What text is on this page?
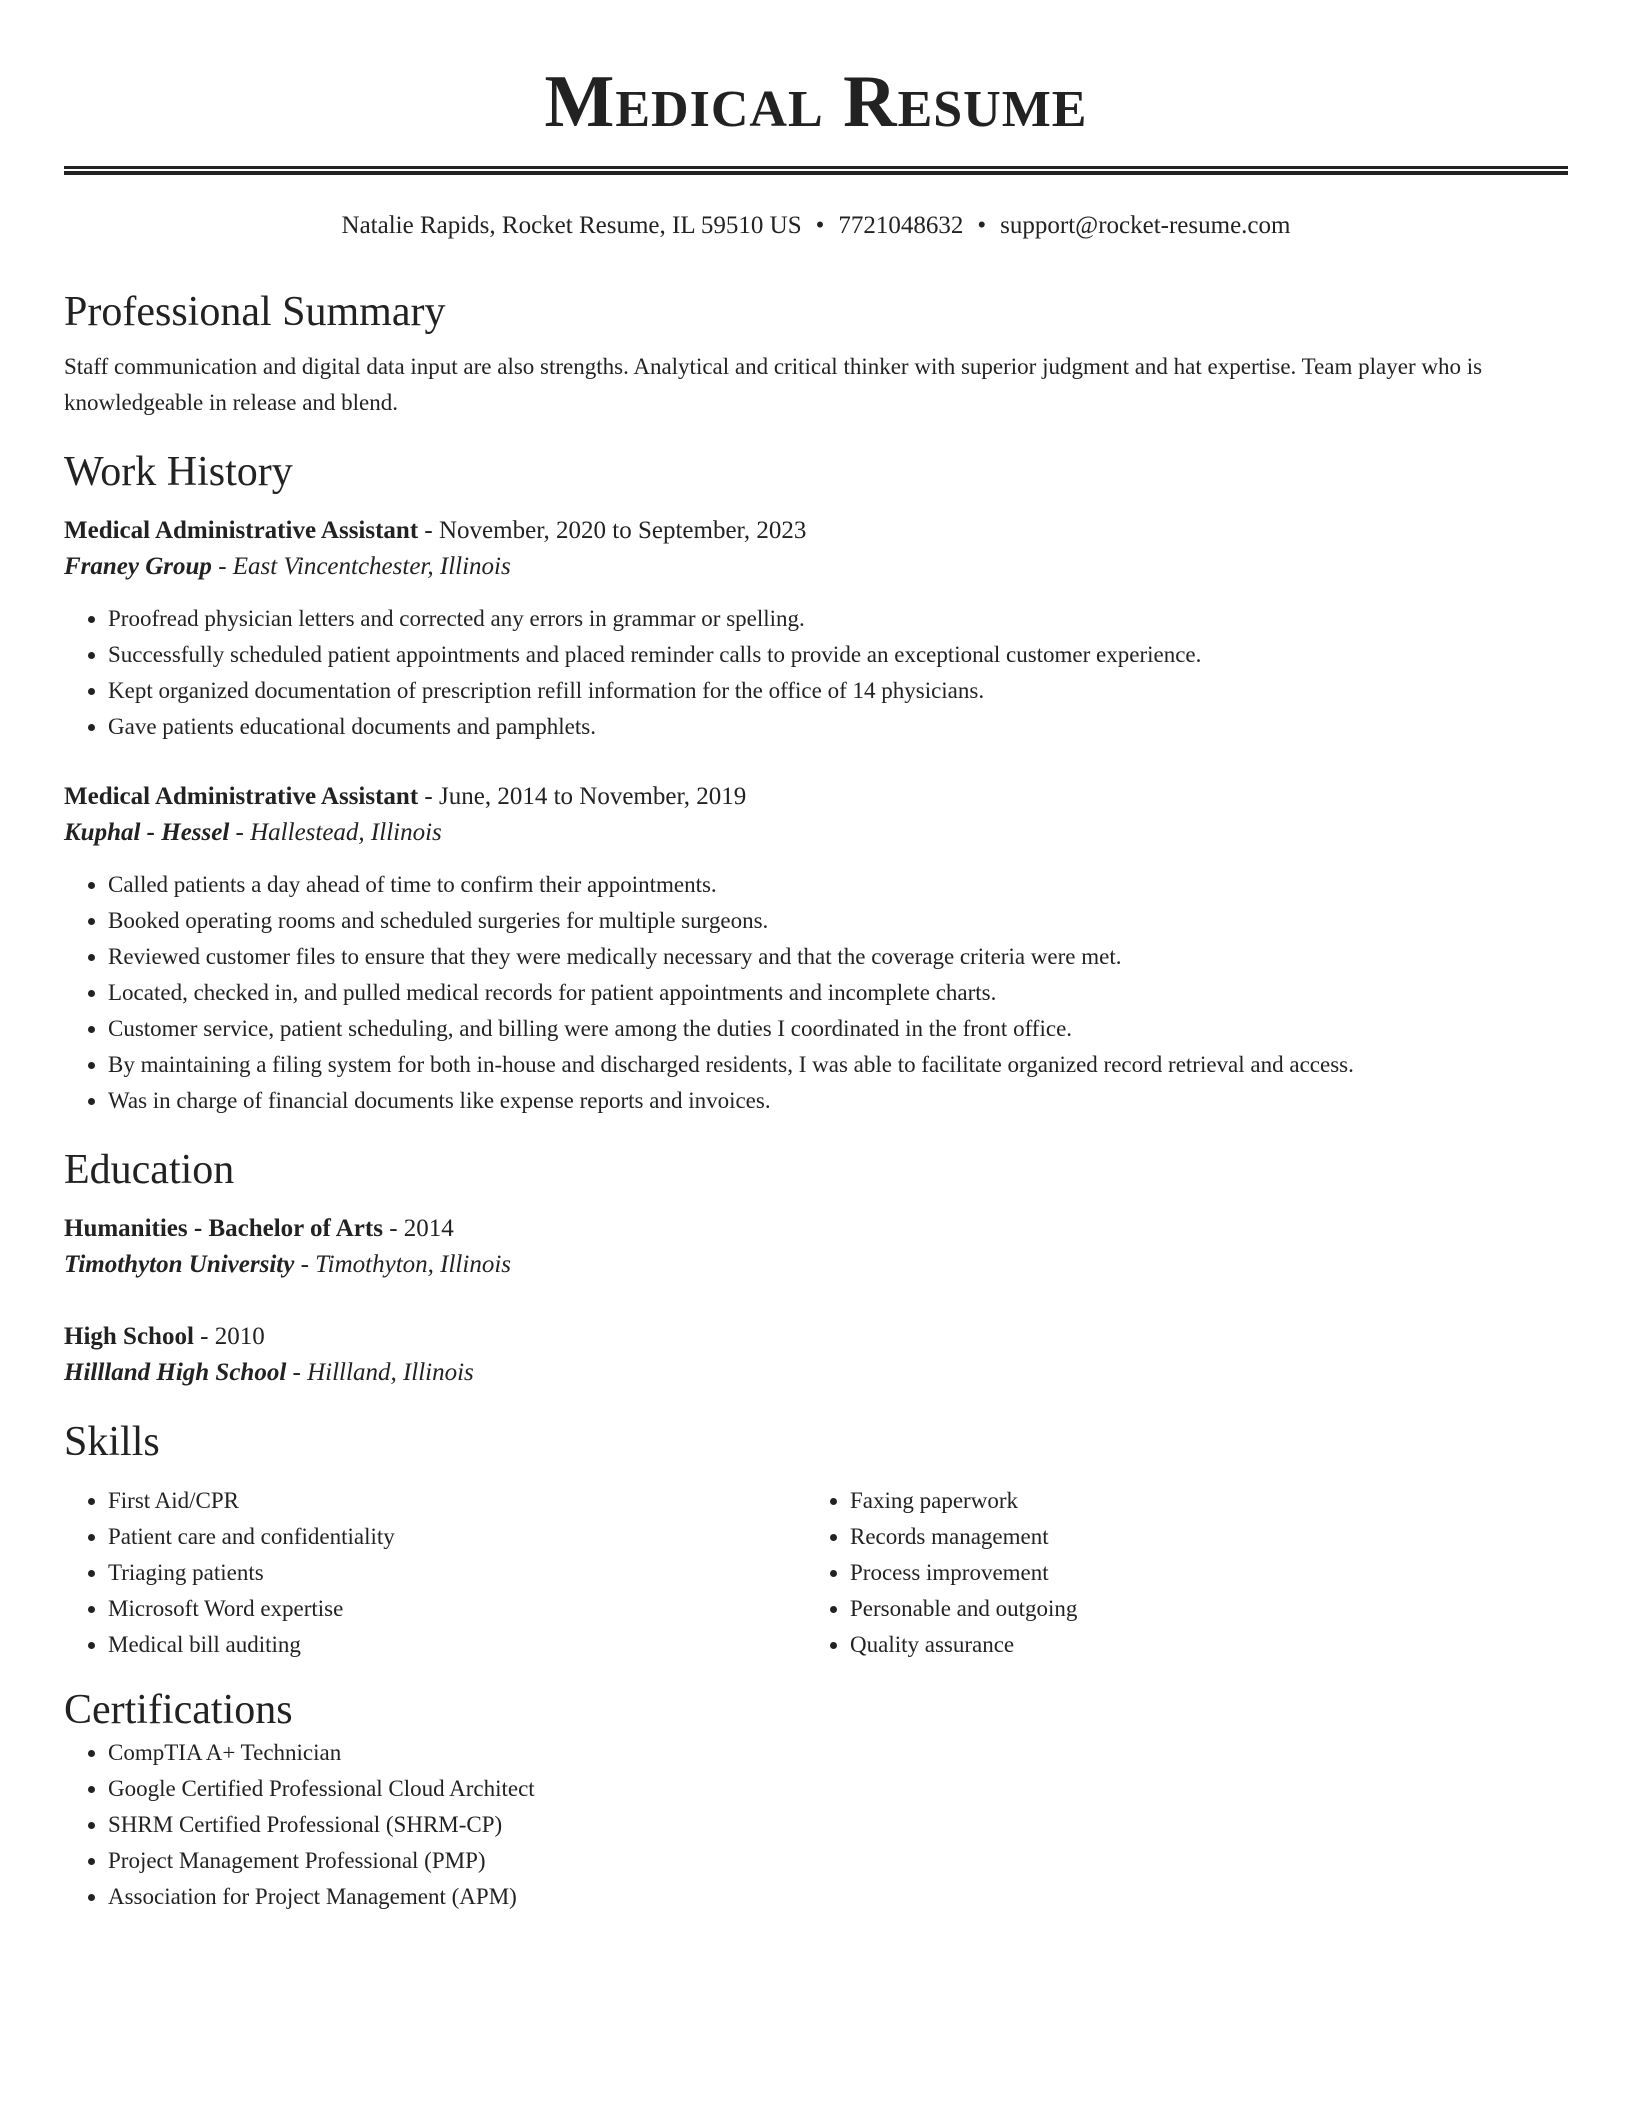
Medical Resume
Natalie Rapids, Rocket Resume, IL 59510 US • 7721048632 • support@rocket-resume.com
Professional Summary
Staff communication and digital data input are also strengths. Analytical and critical thinker with superior judgment and hat expertise. Team player who is knowledgeable in release and blend.
Work History
Medical Administrative Assistant - November, 2020 to September, 2023
Franey Group - East Vincentchester, Illinois
• Proofread physician letters and corrected any errors in grammar or spelling.
• Successfully scheduled patient appointments and placed reminder calls to provide an exceptional customer experience.
• Kept organized documentation of prescription refill information for the office of 14 physicians.
• Gave patients educational documents and pamphlets.
Medical Administrative Assistant - June, 2014 to November, 2019
Kuphal - Hessel - Hallestead, Illinois
• Called patients a day ahead of time to confirm their appointments.
• Booked operating rooms and scheduled surgeries for multiple surgeons.
• Reviewed customer files to ensure that they were medically necessary and that the coverage criteria were met.
• Located, checked in, and pulled medical records for patient appointments and incomplete charts.
• Customer service, patient scheduling, and billing were among the duties I coordinated in the front office.
• By maintaining a filing system for both in-house and discharged residents, I was able to facilitate organized record retrieval and access.
• Was in charge of financial documents like expense reports and invoices.
Education
Humanities - Bachelor of Arts - 2014
Timothyton University - Timothyton, Illinois
High School - 2010
Hillland High School - Hillland, Illinois
Skills
• First Aid/CPR
• Patient care and confidentiality
• Triaging patients
• Microsoft Word expertise
• Medical bill auditing
• Faxing paperwork
• Records management
• Process improvement
• Personable and outgoing
• Quality assurance
Certifications
• CompTIA A+ Technician
• Google Certified Professional Cloud Architect
• SHRM Certified Professional (SHRM-CP)
• Project Management Professional (PMP)
• Association for Project Management (APM)
